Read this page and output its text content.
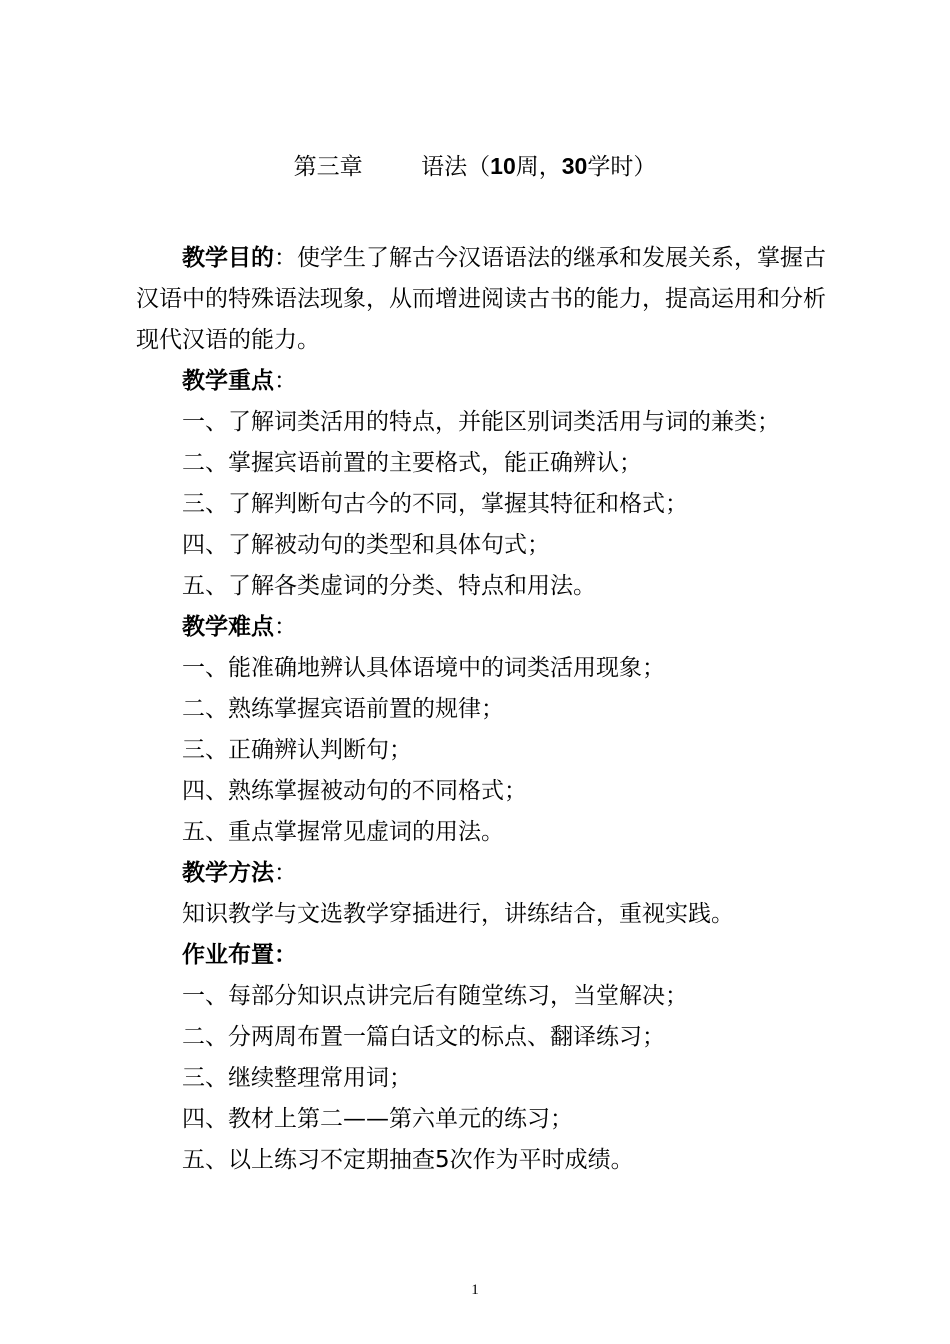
第三章	语法（10周，30学时）

教学目的：使学生了解古今汉语语法的继承和发展关系，掌握古汉语中的特殊语法现象，从而增进阅读古书的能力，提高运用和分析现代汉语的能力。

教学重点：

一、了解词类活用的特点，并能区别词类活用与词的兼类；

二、掌握宾语前置的主要格式，能正确辨认；

三、了解判断句古今的不同，掌握其特征和格式；

四、了解被动句的类型和具体句式；

五、了解各类虚词的分类、特点和用法。

教学难点：

一、能准确地辨认具体语境中的词类活用现象；

二、熟练掌握宾语前置的规律；

三、正确辨认判断句；

四、熟练掌握被动句的不同格式；

五、重点掌握常见虚词的用法。

教学方法：

知识教学与文选教学穿插进行，讲练结合，重视实践。

作业布置：

一、每部分知识点讲完后有随堂练习，当堂解决；

二、分两周布置一篇白话文的标点、翻译练习；

三、继续整理常用词；

四、教材上第二——第六单元的练习；

五、以上练习不定期抽查5次作为平时成绩。

1
